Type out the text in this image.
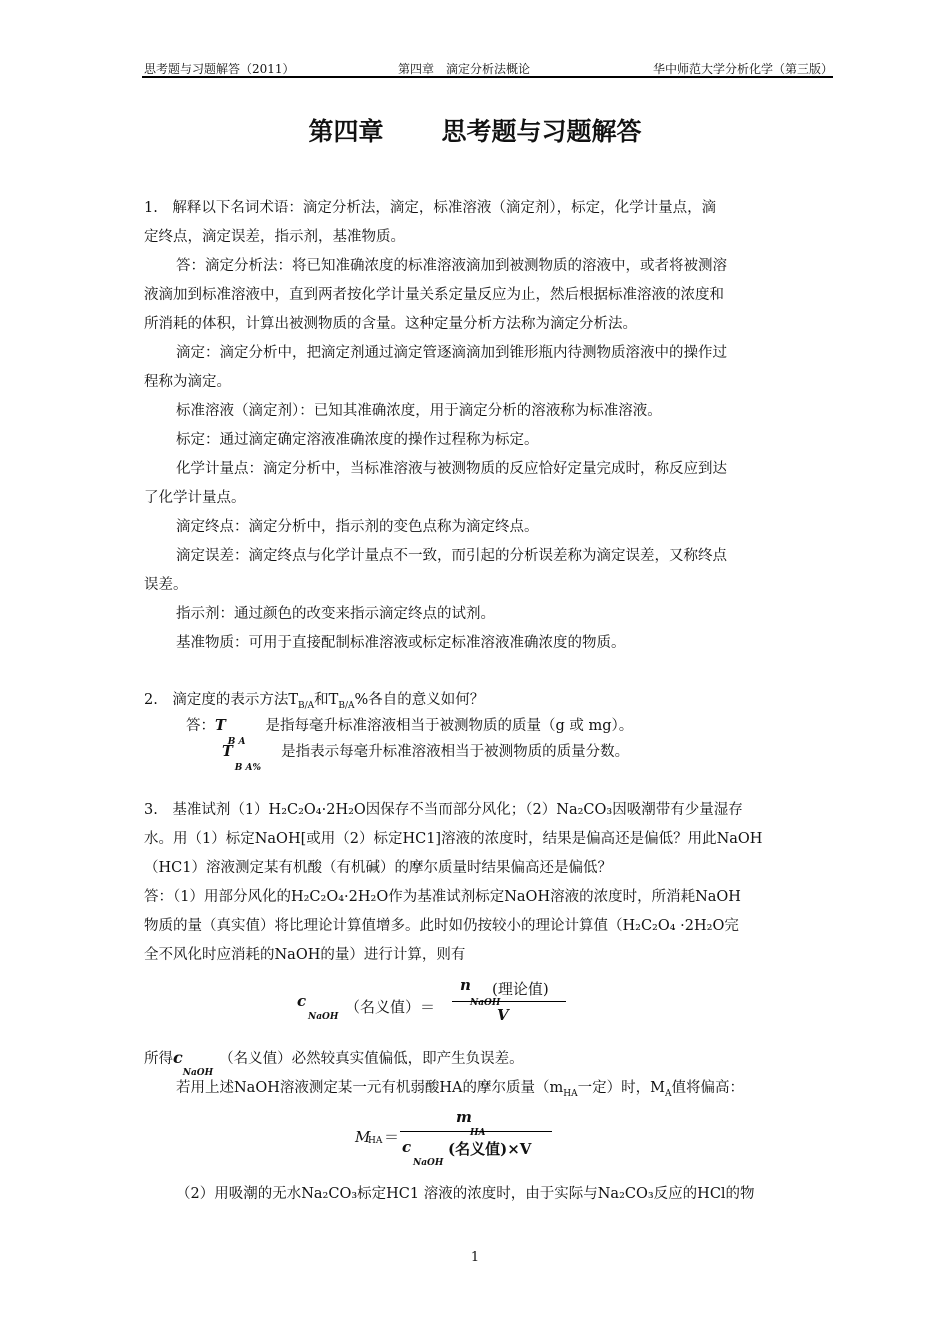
思考题与习题解答（2011）	第四章　滴定分析法概论	华中师范大学分析化学（第三版）
第四章 思考题与习题解答
1.　解释以下名词术语：滴定分析法，滴定，标准溶液（滴定剂），标定，化学计量点，滴
定终点，滴定误差，指示剂，基准物质。
答：滴定分析法：将已知准确浓度的标准溶液滴加到被测物质的溶液中，或者将被测溶
液滴加到标准溶液中，直到两者按化学计量关系定量反应为止，然后根据标准溶液的浓度和
所消耗的体积，计算出被测物质的含量。这种定量分析方法称为滴定分析法。
滴定：滴定分析中，把滴定剂通过滴定管逐滴滴加到锥形瓶内待测物质溶液中的操作过
程称为滴定。
标准溶液（滴定剂）：已知其准确浓度，用于滴定分析的溶液称为标准溶液。
标定：通过滴定确定溶液准确浓度的操作过程称为标定。
化学计量点：滴定分析中，当标准溶液与被测物质的反应恰好定量完成时，称反应到达
了化学计量点。
滴定终点：滴定分析中，指示剂的变色点称为滴定终点。
滴定误差：滴定终点与化学计量点不一致，而引起的分析误差称为滴定误差，又称终点
误差。
指示剂：通过颜色的改变来指示滴定终点的试剂。
基准物质：可用于直接配制标准溶液或标定标准溶液准确浓度的物质。
2.　滴定度的表示方法$T_{B/A}$和$T_{B/A}\%$各自的意义如何？
答：$T_{B A}$是指每毫升标准溶液相当于被测物质的质量（g 或 mg）。
$T_{B A\%}$是指表示每毫升标准溶液相当于被测物质的质量分数。
3.　基准试剂（1）H₂C₂O₄·2H₂O因保存不当而部分风化；（2）Na₂CO₃因吸潮带有少量湿存
水。用（1）标定NaOH[或用（2）标定HC1]溶液的浓度时，结果是偏高还是偏低？用此NaOH
（HC1）溶液测定某有机酸（有机碱）的摩尔质量时结果偏高还是偏低？
答：（1）用部分风化的H₂C₂O₄·2H₂O作为基准试剂标定NaOH溶液的浓度时，所消耗NaOH
物质的量（真实值）将比理论计算值增多。此时如仍按较小的理论计算值（H₂C₂O₄ ·2H₂O完
全不风化时应消耗的NaOH的量）进行计算，则有
c
NaOH
（名义值）＝
n
NaOH
(理论值)
V
所得$c_{NaOH}$（名义值）必然较真实值偏低，即产生负误差。
若用上述NaOH溶液测定某一元有机弱酸HA的摩尔质量（$m_{HA}$一定）时，$M_A$值将偏高：
M
HA ＝
m
HA
c
NaOH
(名义值)×V
（2）用吸潮的无水Na₂CO₃标定HC1 溶液的浓度时，由于实际与Na₂CO₃反应的HCl的物
1
